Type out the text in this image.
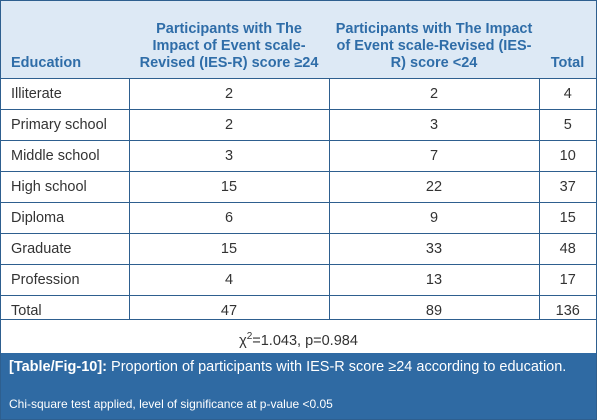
Education	Participants with The Impact of Event scale-Revised (IES-R) score ≥24	Participants with The Impact of Event scale-Revised (IES-R) score <24	Total
Illiterate	2	2	4
Primary school	2	3	5
Middle school	3	7	10
High school	15	22	37
Diploma	6	9	15
Graduate	15	33	48
Profession	4	13	17
Total	47	89	136
$\chi^2=1.043$, p=0.984
[Table/Fig-10]: Proportion of participants with IES-R score ≥24 according to education.
Chi-square test applied, level of significance at p-value <0.05
